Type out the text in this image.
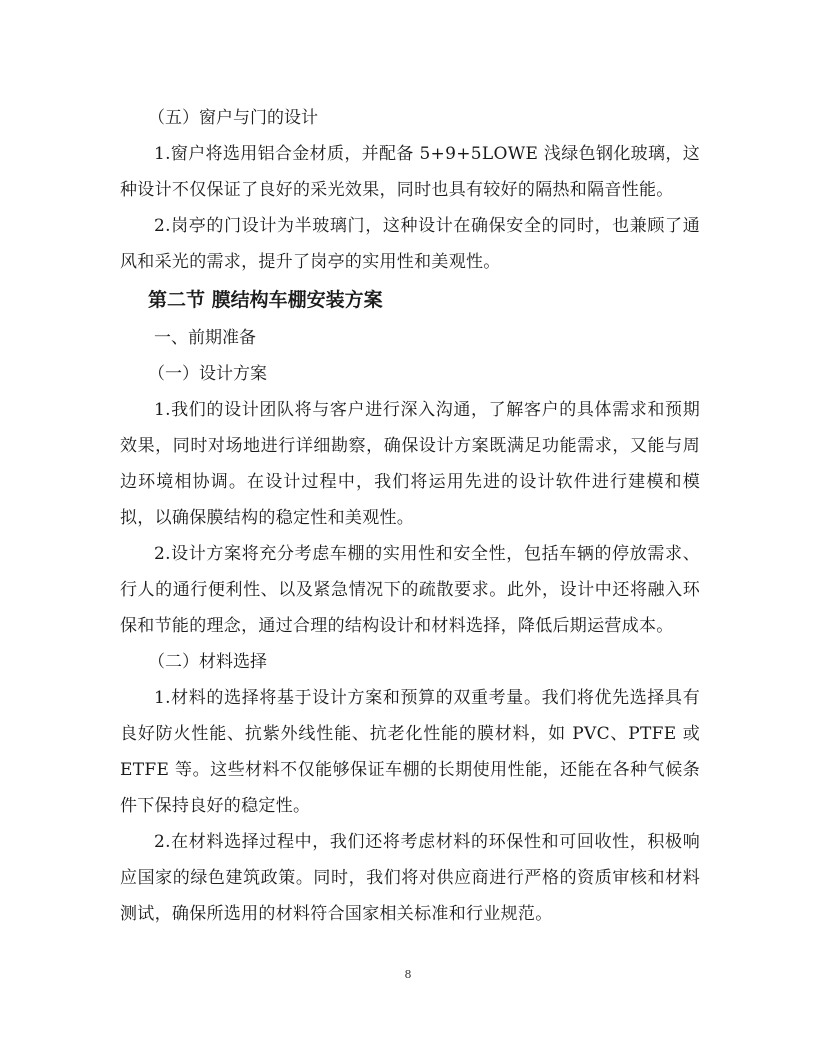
（五）窗户与门的设计

1.窗户将选用铝合金材质，并配备 5+9+5LOWE 浅绿色钢化玻璃，这种设计不仅保证了良好的采光效果，同时也具有较好的隔热和隔音性能。

2.岗亭的门设计为半玻璃门，这种设计在确保安全的同时，也兼顾了通风和采光的需求，提升了岗亭的实用性和美观性。

第二节 膜结构车棚安装方案

一、前期准备

（一）设计方案

1.我们的设计团队将与客户进行深入沟通，了解客户的具体需求和预期效果，同时对场地进行详细勘察，确保设计方案既满足功能需求，又能与周边环境相协调。在设计过程中，我们将运用先进的设计软件进行建模和模拟，以确保膜结构的稳定性和美观性。

2.设计方案将充分考虑车棚的实用性和安全性，包括车辆的停放需求、行人的通行便利性、以及紧急情况下的疏散要求。此外，设计中还将融入环保和节能的理念，通过合理的结构设计和材料选择，降低后期运营成本。

（二）材料选择

1.材料的选择将基于设计方案和预算的双重考量。我们将优先选择具有良好防火性能、抗紫外线性能、抗老化性能的膜材料，如 PVC、PTFE 或 ETFE 等。这些材料不仅能够保证车棚的长期使用性能，还能在各种气候条件下保持良好的稳定性。

2.在材料选择过程中，我们还将考虑材料的环保性和可回收性，积极响应国家的绿色建筑政策。同时，我们将对供应商进行严格的资质审核和材料测试，确保所选用的材料符合国家相关标准和行业规范。

8
